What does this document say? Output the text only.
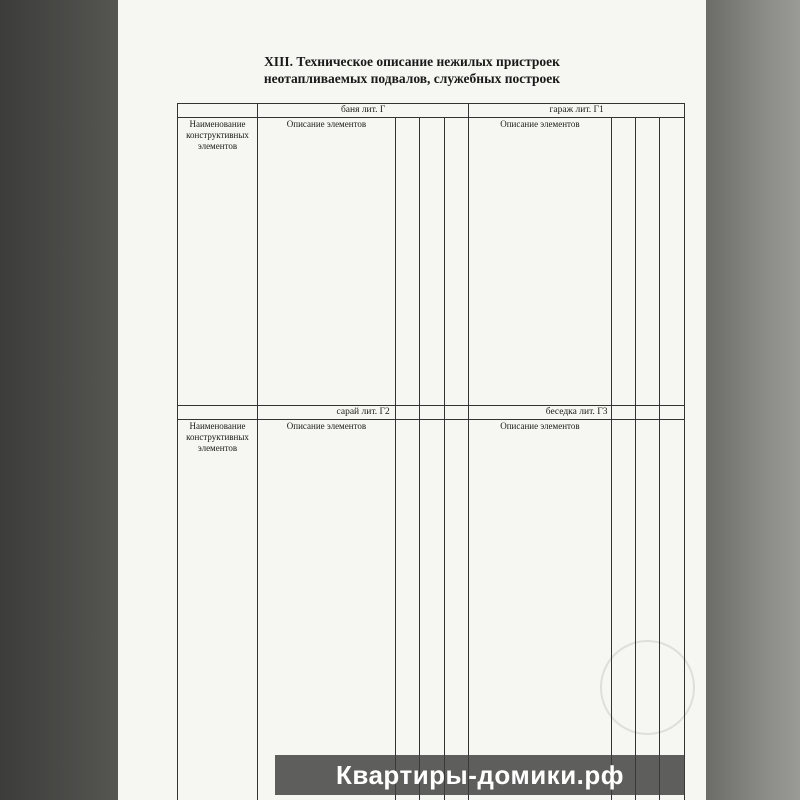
XIII. Техническое описание нежилых пристроек
неотапливаемых подвалов, служебных построек
	баня лит. Г				гараж лит. Г1			
Наименование конструктивных элементов	Описание элементов				Описание элементов	

	сарай лит. Г2				беседка лит. Г3			
Наименование конструктивных элементов	Описание элементов				Описание элементов	

Квартиры-домики.рф
